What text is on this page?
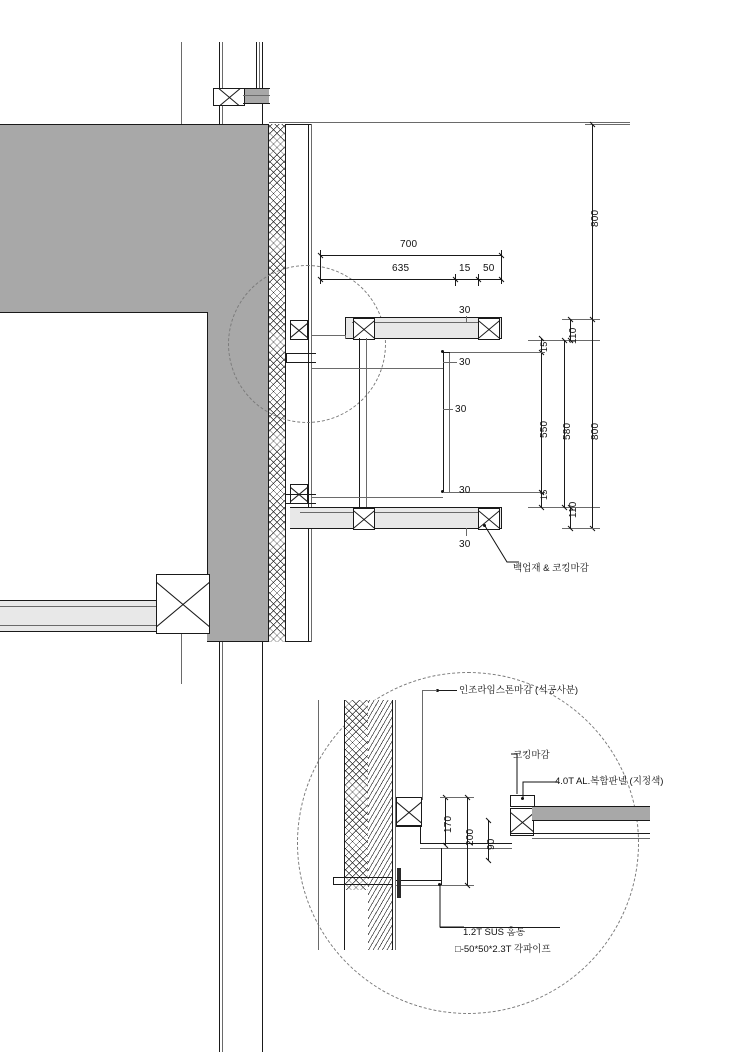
700
635	15 50
800
110
15
550 580 800
15
110
30
30
30
30
30
백업재 & 코킹마감
170
200 90
인조라임스톤마감 (석공사분)
코킹마감
4.0T AL.복합판넬 (지정색)
1.2T SUS 홈통
□-50*50*2.3T 각파이프
